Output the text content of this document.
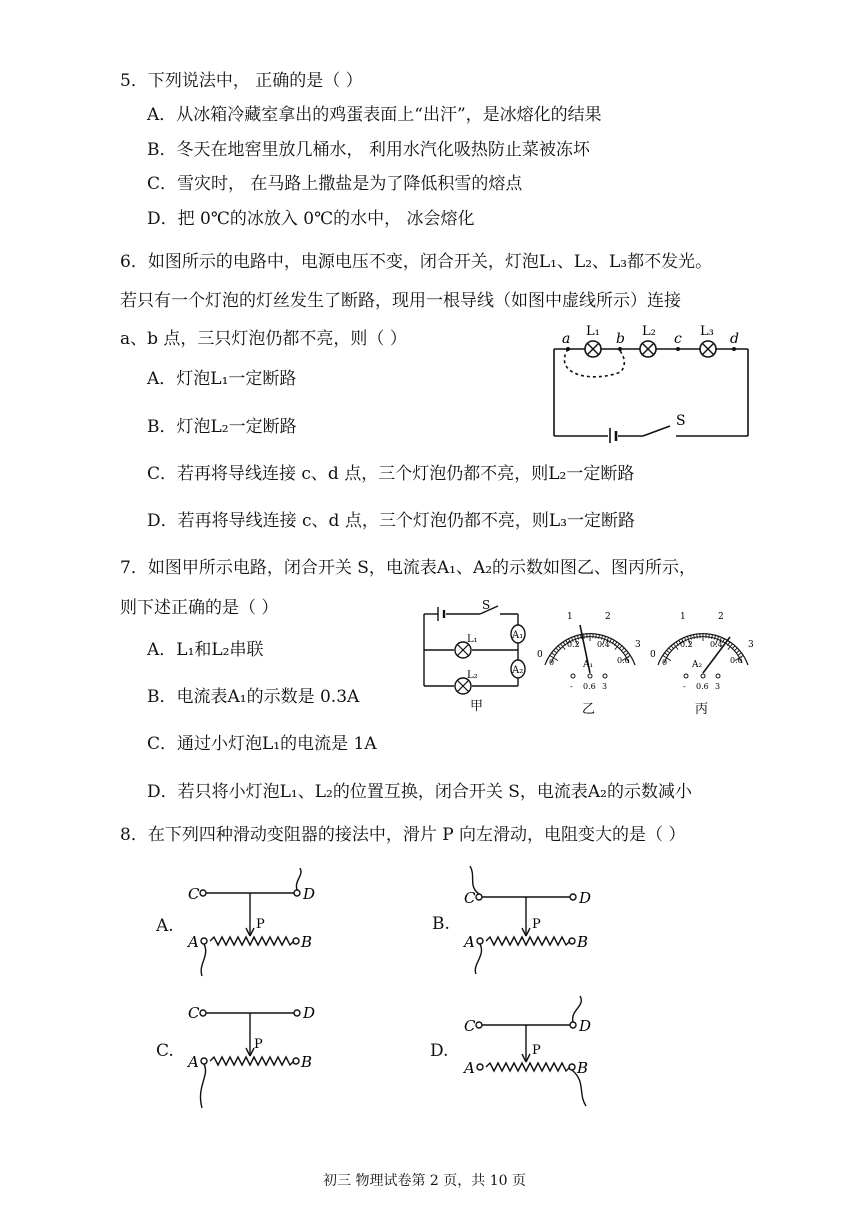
5．下列说法中， 正确的是（ ）
A．从冰箱冷藏室拿出的鸡蛋表面上“出汗”，是冰熔化的结果
B．冬天在地窖里放几桶水， 利用水汽化吸热防止菜被冻坏
C．雪灾时， 在马路上撒盐是为了降低积雪的熔点
D．把 0℃的冰放入 0℃的水中， 冰会熔化
6．如图所示的电路中，电源电压不变，闭合开关，灯泡L₁、L₂、L₃都不发光。
若只有一个灯泡的灯丝发生了断路，现用一根导线（如图中虚线所示）连接
a、b 点，三只灯泡仍都不亮，则（ ）
A．灯泡L₁一定断路
B．灯泡L₂一定断路
C．若再将导线连接 c、d 点，三个灯泡仍都不亮，则L₂一定断路
D．若再将导线连接 c、d 点，三个灯泡仍都不亮，则L₃一定断路
a	b	c	d
L₁	L₂	L₃
S
7．如图甲所示电路，闭合开关 S，电流表A₁、A₂的示数如图乙、图丙所示，
则下述正确的是（ ）
A．L₁和L₂串联
B．电流表A₁的示数是 0.3A
C．通过小灯泡L₁的电流是 1A
D．若只将小灯泡L₁、L₂的位置互换，闭合开关 S，电流表A₂的示数减小
A₁
A₂
S
L₁
L₂
甲
0
1	2
3
0
0.2 0.4
0.6
A₁
- 0.6 3
乙
0
1	2
3
0
0.2 0.4
0.6
A₂
- 0.6 3
丙
8．在下列四种滑动变阻器的接法中，滑片 P 向左滑动，电阻变大的是（ ）
A.
C	D
A	B
P	B.
C	D
A	B
P
C.
C	D
A	B
P	D.
C	D
A	B
P
初三 物理试卷第 2 页，共 10 页
